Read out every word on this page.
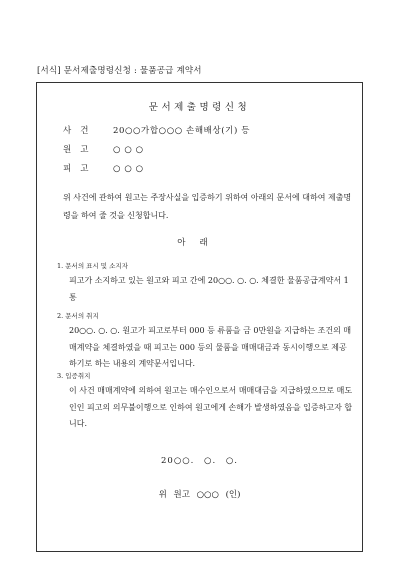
[서식] 문서제출명령신청 : 물품공급 계약서
문서제출명령신청
사건 20○○가합○○○ 손해배상(기) 등
원고 ○ ○ ○
피고 ○ ○ ○
위 사건에 관하여 원고는 주장사실을 입증하기 위하여 아래의 문서에 대하여 제출명령을 하여 줄 것을 신청합니다.
아래
1. 문서의 표시 및 소지자
피고가 소지하고 있는 원고와 피고 간에 20○○. ○. ○. 체결한 물품공급계약서 1통
2. 문서의 취지
20○○. ○. ○. 원고가 피고로부터 000 등 류품을 금 0만원을 지급하는 조건의 매매계약을 체결하였을 때 피고는 000 등의 물품을 매매대금과 동시이행으로 제공하기로 하는 내용의 계약문서입니다.
3. 입증취지
이 사건 매매계약에 의하여 원고는 매수인으로서 매매대금을 지급하였으므로 매도인인 피고의 의무불이행으로 인하여 원고에게 손해가 발생하였음을 입증하고자 합니다.
20○○. ○. ○.
위 원고 ○○○ (인)
